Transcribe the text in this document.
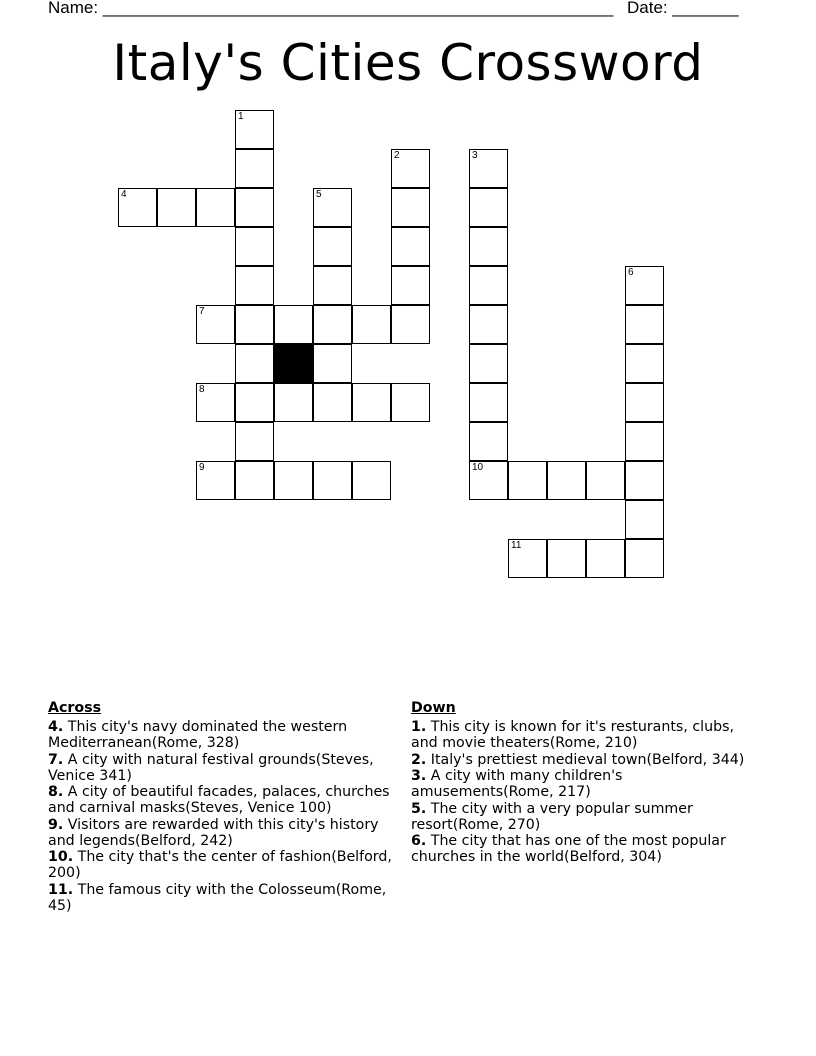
Name: ______________________________________________________ Date: _______
Italy's Cities Crossword
1
4
7
8
9
5
2	3
10
6
11
Across
4. This city's navy dominated the western Mediterranean(Rome, 328)
7. A city with natural festival grounds(Steves, Venice 341)
8. A city of beautiful facades, palaces, churches and carnival masks(Steves, Venice 100)
9. Visitors are rewarded with this city's history and legends(Belford, 242)
10. The city that's the center of fashion(Belford, 200)
11. The famous city with the Colosseum(Rome, 45)
Down
1. This city is known for it's resturants, clubs, and movie theaters(Rome, 210)
2. Italy's prettiest medieval town(Belford, 344)
3. A city with many children's amusements(Rome, 217)
5. The city with a very popular summer resort(Rome, 270)
6. The city that has one of the most popular churches in the world(Belford, 304)
